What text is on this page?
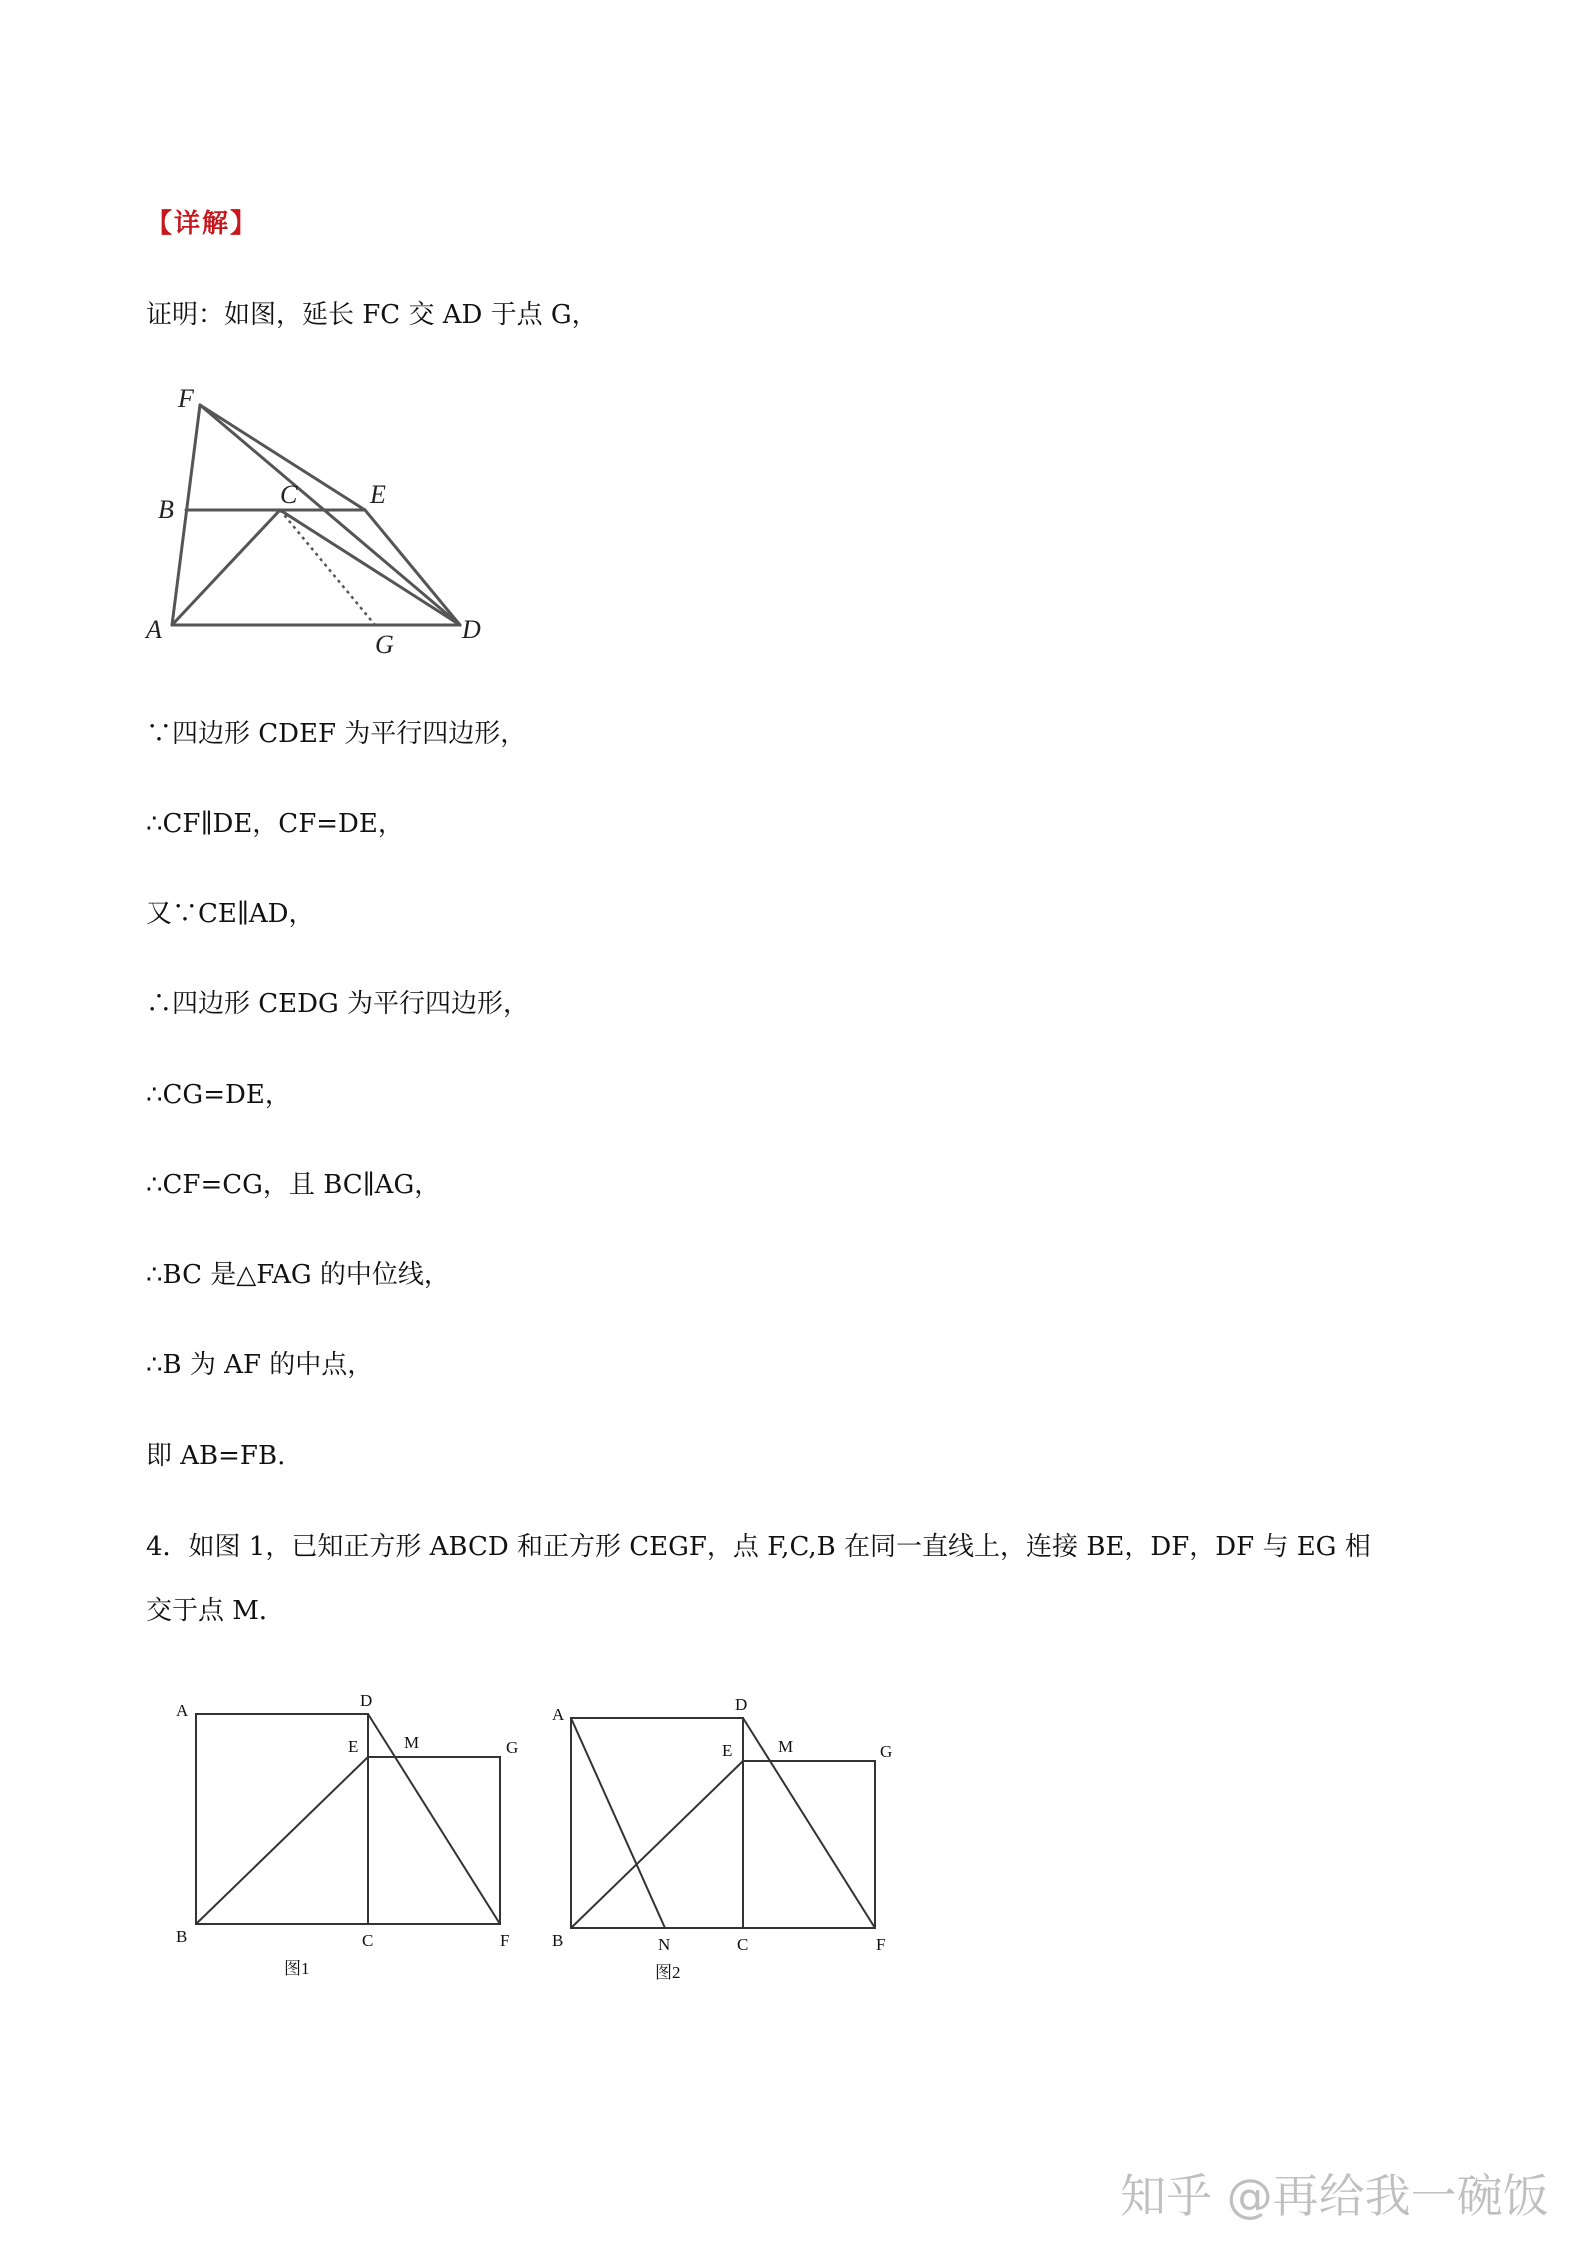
【详解】
证明：如图，延长 FC 交 AD 于点 G，
F
B
C	E
A
G
D
∵四边形 CDEF 为平行四边形，
∴CF∥DE，CF=DE，
又∵CE∥AD，
∴四边形 CEDG 为平行四边形，
∴CG=DE，
∴CF=CG，且 BC∥AG，
∴BC 是△FAG 的中位线，
∴B 为 AF 的中点，
即 AB=FB.
4．如图 1，已知正方形 ABCD 和正方形 CEGF，点 F,C,B 在同一直线上，连接 BE，DF，DF 与 EG 相
交于点 M．
A
D
E	M	G
B	C	F
图1
A
D
E	M	G
B	N	C	F
图2
知乎 @再给我一碗饭
